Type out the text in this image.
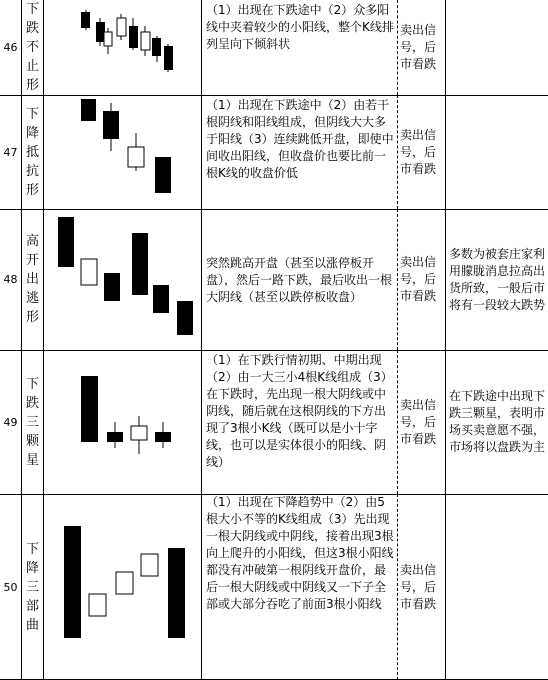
46
下跌不止形
（1）出现在下跌途中（2）众多阳线中夹着较少的小阳线，整个K线排列呈向下倾斜状
卖出信号，后市看跌
47
下降抵抗形
（1）出现在下跌途中（2）由若干根阴线和阳线组成，但阴线大大多于阳线（3）连续跳低开盘，即使中间收出阳线，但收盘价也要比前一根K线的收盘价低
卖出信号，后市看跌
48
高开出逃形
突然跳高开盘（甚至以涨停板开盘），然后一路下跌，最后收出一根大阴线（甚至以跌停板收盘）
卖出信号，后市看跌
多数为被套庄家利用朦胧消息拉高出货所致，一般后市将有一段较大跌势
49
下跌三颗星
（1）在下跌行情初期、中期出现（2）由一大三小4根K线组成（3）在下跌时，先出现一根大阴线或中阴线，随后就在这根阴线的下方出现了3根小K线（既可以是小十字线，也可以是实体很小的阳线、阴线）
卖出信号，后市看跌
在下跌途中出现下跌三颗星，表明市场买卖意愿不强，市场将以盘跌为主
50
下降三部曲
（1）出现在下降趋势中（2）由5根大小不等的K线组成（3）先出现一根大阴线或中阴线，接着出现3根向上爬升的小阳线，但这3根小阳线都没有冲破第一根阴线开盘价，最后一根大阴线或中阴线又一下子全部或大部分吞吃了前面3根小阳线
卖出信号，后市看跌
